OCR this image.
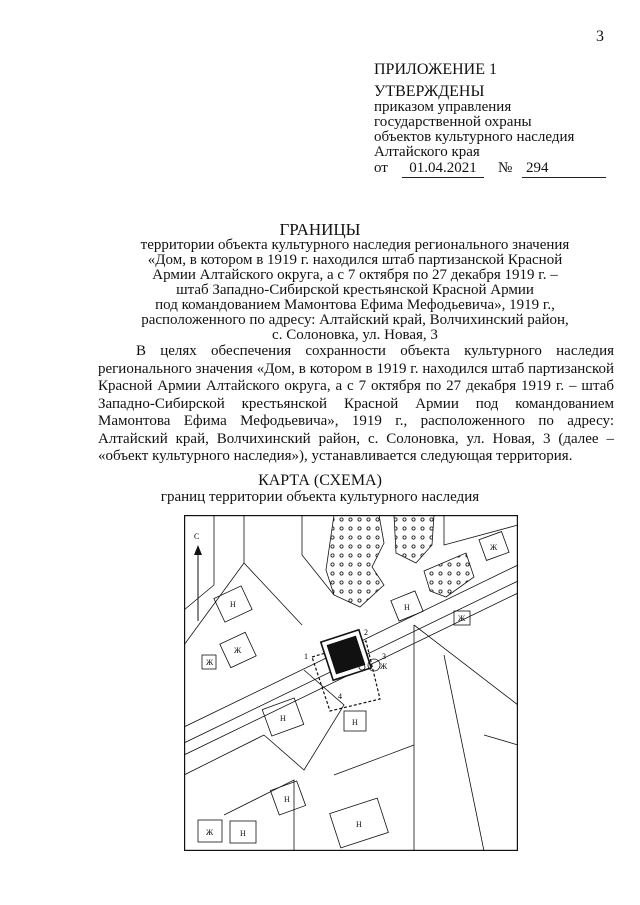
3
ПРИЛОЖЕНИЕ 1
УТВЕРЖДЕНЫ
приказом управления
государственной охраны
объектов культурного наследия
Алтайского края
от	01.04.2021	№ 294
ГРАНИЦЫ
территории объекта культурного наследия регионального значения
«Дом, в котором в 1919 г. находился штаб партизанской Красной
Армии Алтайского округа, а с 7 октября по 27 декабря 1919 г. –
штаб Западно-Сибирской крестьянской Красной Армии
под командованием Мамонтова Ефима Мефодьевича», 1919 г.,
расположенного по адресу: Алтайский край, Волчихинский район,
с. Солоновка, ул. Новая, 3
В целях обеспечения сохранности объекта культурного наследия регионального значения «Дом, в котором в 1919 г. находился штаб партизанской Красной Армии Алтайского округа, а с 7 октября по 27 декабря 1919 г. – штаб Западно-Сибирской крестьянской Красной Армии под командованием Мамонтова Ефима Мефодьевича», 1919 г., расположенного по адресу: Алтайский край, Волчихинский район, с. Солоновка, ул. Новая, 3 (далее – «объект культурного наследия»), устанавливается следующая территория.
КАРТА (СХЕМА)
границ территории объекта культурного наследия
С
Ж
Н
Ж
Н
Ж	Ж
Н	Н
Ж
Н
Н
Ж	Н
1
2
3
4
